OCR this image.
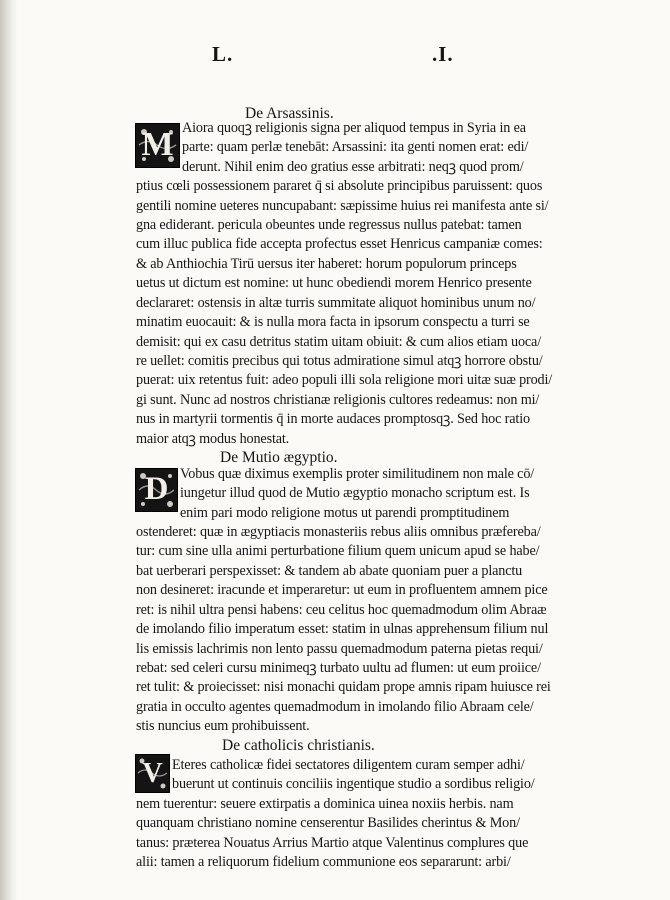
L.	.I.
De Arsassinis.
M Aiora quoqꝫ religionis signa per aliquod tempus in Syria in ea
parte: quam perlæ tenebāt: Arsassini: ita genti nomen erat: edi/
derunt. Nihil enim deo gratius esse arbitrati: neqꝫ quod prom/
ptius cœli possessionem pararet q̄ si absolute principibus paruissent: quos
gentili nomine ueteres nuncupabant: sæpissime huius rei manifesta ante si/
gna ediderant. pericula obeuntes unde regressus nullus patebat: tamen
cum illuc publica fide accepta profectus esset Henricus campaniæ comes:
& ab Anthiochia Tirū uersus iter haberet: horum populorum princeps
uetus ut dictum est nomine: ut hunc obediendi morem Henrico presente
declararet: ostensis in altæ turris summitate aliquot hominibus unum no/
minatim euocauit: & is nulla mora facta in ipsorum conspectu a turri se
demisit: qui ex casu detritus statim uitam obiuit: & cum alios etiam uoca/
re uellet: comitis precibus qui totus admiratione simul atqꝫ horrore obstu/
puerat: uix retentus fuit: adeo populi illi sola religione mori uitæ suæ prodi/
gi sunt. Nunc ad nostros christianæ religionis cultores redeamus: non mi/
nus in martyrii tormentis q̄ in morte audaces promptosqꝫ. Sed hoc ratio
maior atqꝫ modus honestat.
De Mutio ægyptio.
D Vobus quæ diximus exemplis proter similitudinem non male cō/
iungetur illud quod de Mutio ægyptio monacho scriptum est. Is
enim pari modo religione motus ut parendi promptitudinem
ostenderet: quæ in ægyptiacis monasteriis rebus aliis omnibus præfereba/
tur: cum sine ulla animi perturbatione filium quem unicum apud se habe/
bat uerberari perspexisset: & tandem ab abate quoniam puer a planctu
non desineret: iracunde et imperaretur: ut eum in profluentem amnem pice
ret: is nihil ultra pensi habens: ceu celitus hoc quemadmodum olim Abraæ
de imolando filio imperatum esset: statim in ulnas apprehensum filium nul
lis emissis lachrimis non lento passu quemadmodum paterna pietas requi/
rebat: sed celeri cursu minimeqꝫ turbato uultu ad flumen: ut eum proiice/
ret tulit: & proiecisset: nisi monachi quidam prope amnis ripam huiusce rei
gratia in occulto agentes quemadmodum in imolando filio Abraam cele/
stis nuncius eum prohibuissent.
De catholicis christianis.
V Eteres catholicæ fidei sectatores diligentem curam semper adhi/
buerunt ut continuis conciliis ingentique studio a sordibus religio/
nem tuerentur: seuere extirpatis a dominica uinea noxiis herbis. nam
quanquam christiano nomine censerentur Basilides cherintus & Mon/
tanus: præterea Nouatus Arrius Martio atque Valentinus complures que
alii: tamen a reliquorum fidelium communione eos separarunt: arbi/
